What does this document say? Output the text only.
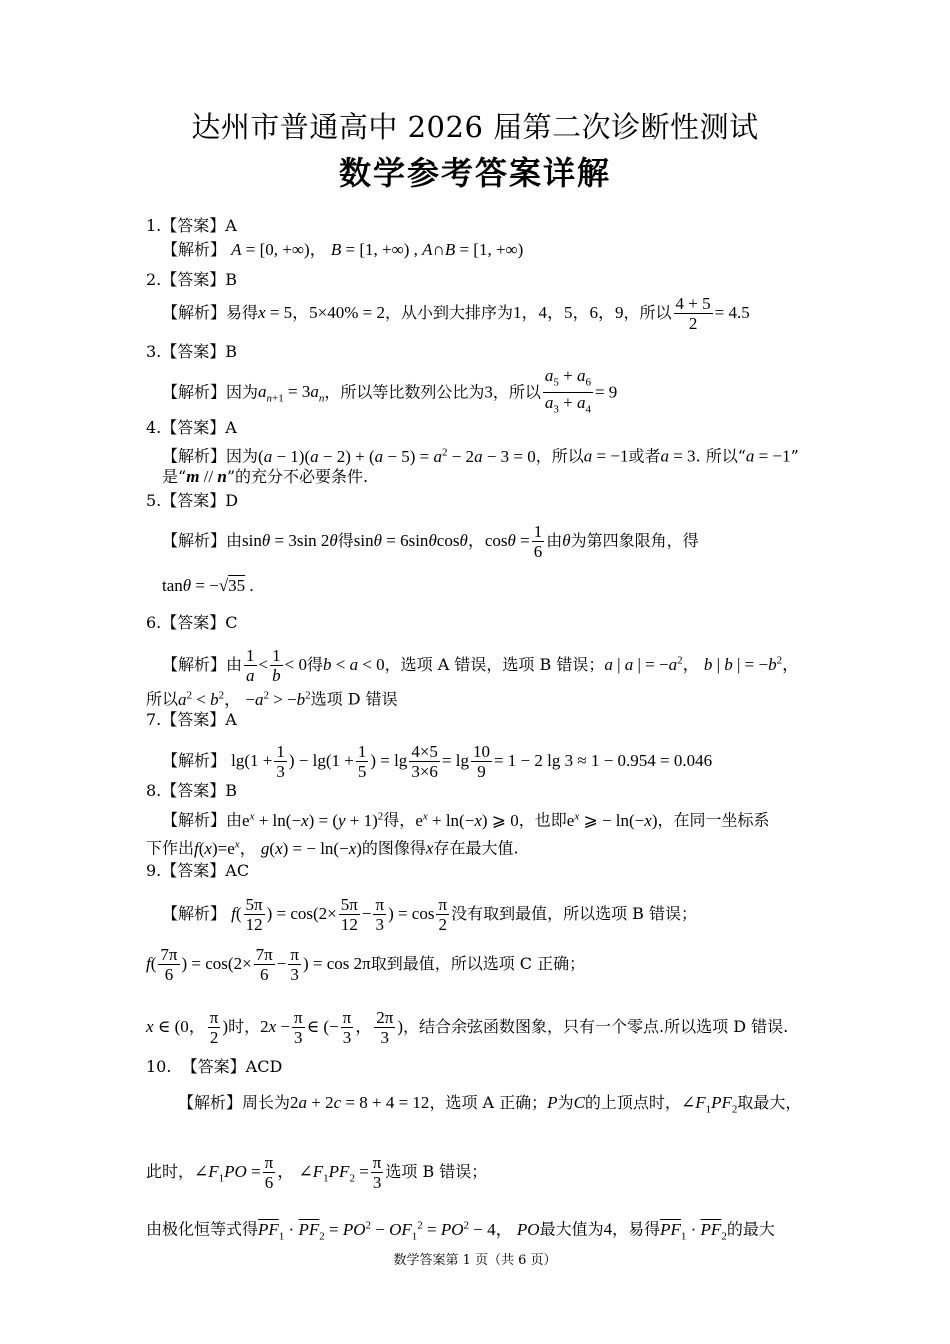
达州市普通高中 2026 届第二次诊断性测试
数学参考答案详解
1.【答案】A
【解析】 A = [0, +∞)， B = [1, +∞) , A∩B = [1, +∞)
2.【答案】B
【解析】易得x = 5，5×40% = 2，从小到大排序为1，4，5，6，9，所以 $\frac{4 + 5}{2} = 4.5$
3.【答案】B
【解析】因为$a_{n+1} = 3a_n$，所以等比数列公比为3，所以 $\frac{a_5 + a_6}{a_3 + a_4} = 9$
4.【答案】A
【解析】因为$(a - 1)(a - 2) + (a - 5) = a^2 - 2a - 3 = 0$，所以a = −1或者a = 3. 所以“a = −1”
是“m // n”的充分不必要条件.
5.【答案】D
【解析】由sinθ = 3sin 2θ得sinθ = 6sinθcosθ，$\cos\theta = \frac{1}{6}$ 由θ为第四象限角，得
tanθ = −√35 .
6.【答案】C
【解析】由 $\frac{1}{a} < \frac{1}{b} < 0$得b < a < 0，选项 A 错误，选项 B 错误；a | a | = $-a^2$， b | b | = $-b^2$，
所以$a^2 < b^2$， $-a^2 > -b^2$选项 D 错误
7.【答案】A
【解析】 $\lg(1 + \frac{1}{3}$ ) − $\lg(1 + \frac{1}{5}$ ) = $\lg \frac{4\times 5}{3\times 6} = \lg \frac{10}{9} = 1 - 2$ lg 3 ≈ 1 − 0.954 = 0.046
8.【答案】B
【解析】由$e^x + \ln(-x) = (y + 1)^2$得，$e^x + \ln(-x)$ ⩾ 0，也即$e^x$ ⩾ − ln(−x)，在同一坐标系
下作出$f(x)=e^x$， g(x) = − ln(−x)的图像得x存在最大值.
9.【答案】AC
【解析】 $f( \frac{5\pi}{12}$ ) = $\cos(2\times \frac{5\pi}{12} - \frac{\pi}{3}$ ) = $\cos \frac{\pi}{2}$ 没有取到最值，所以选项 B 错误；
$f( \frac{7\pi}{6}$ ) = $\cos(2\times \frac{7\pi}{6} - \frac{\pi}{3}$ ) = cos 2π取到最值，所以选项 C 正确；
x ∈ (0， $\frac{\pi}{2}$ )时，$2x - \frac{\pi}{3}$ ∈ (− $\frac{\pi}{3}$ ， $\frac{2\pi}{3}$ )，结合余弦函数图象，只有一个零点.所以选项 D 错误.
10. 【答案】ACD
【解析】周长为2a + 2c = 8 + 4 = 12，选项 A 正确；P为C的上顶点时，$\angle F_1PF_2$取最大，
此时，$\angle F_1PO = \frac{\pi}{6}$ ， $\angle F_1PF_2 = \frac{\pi}{3}$ 选项 B 错误；
由极化恒等式得$\overline{PF}_1 \cdot \overline{PF}_2 = PO^2 - OF_1^2 = PO^2 - 4$， PO最大值为4，易得$\overline{PF}_1 \cdot \overline{PF}_2$的最大
数学答案第 1 页（共 6 页）
